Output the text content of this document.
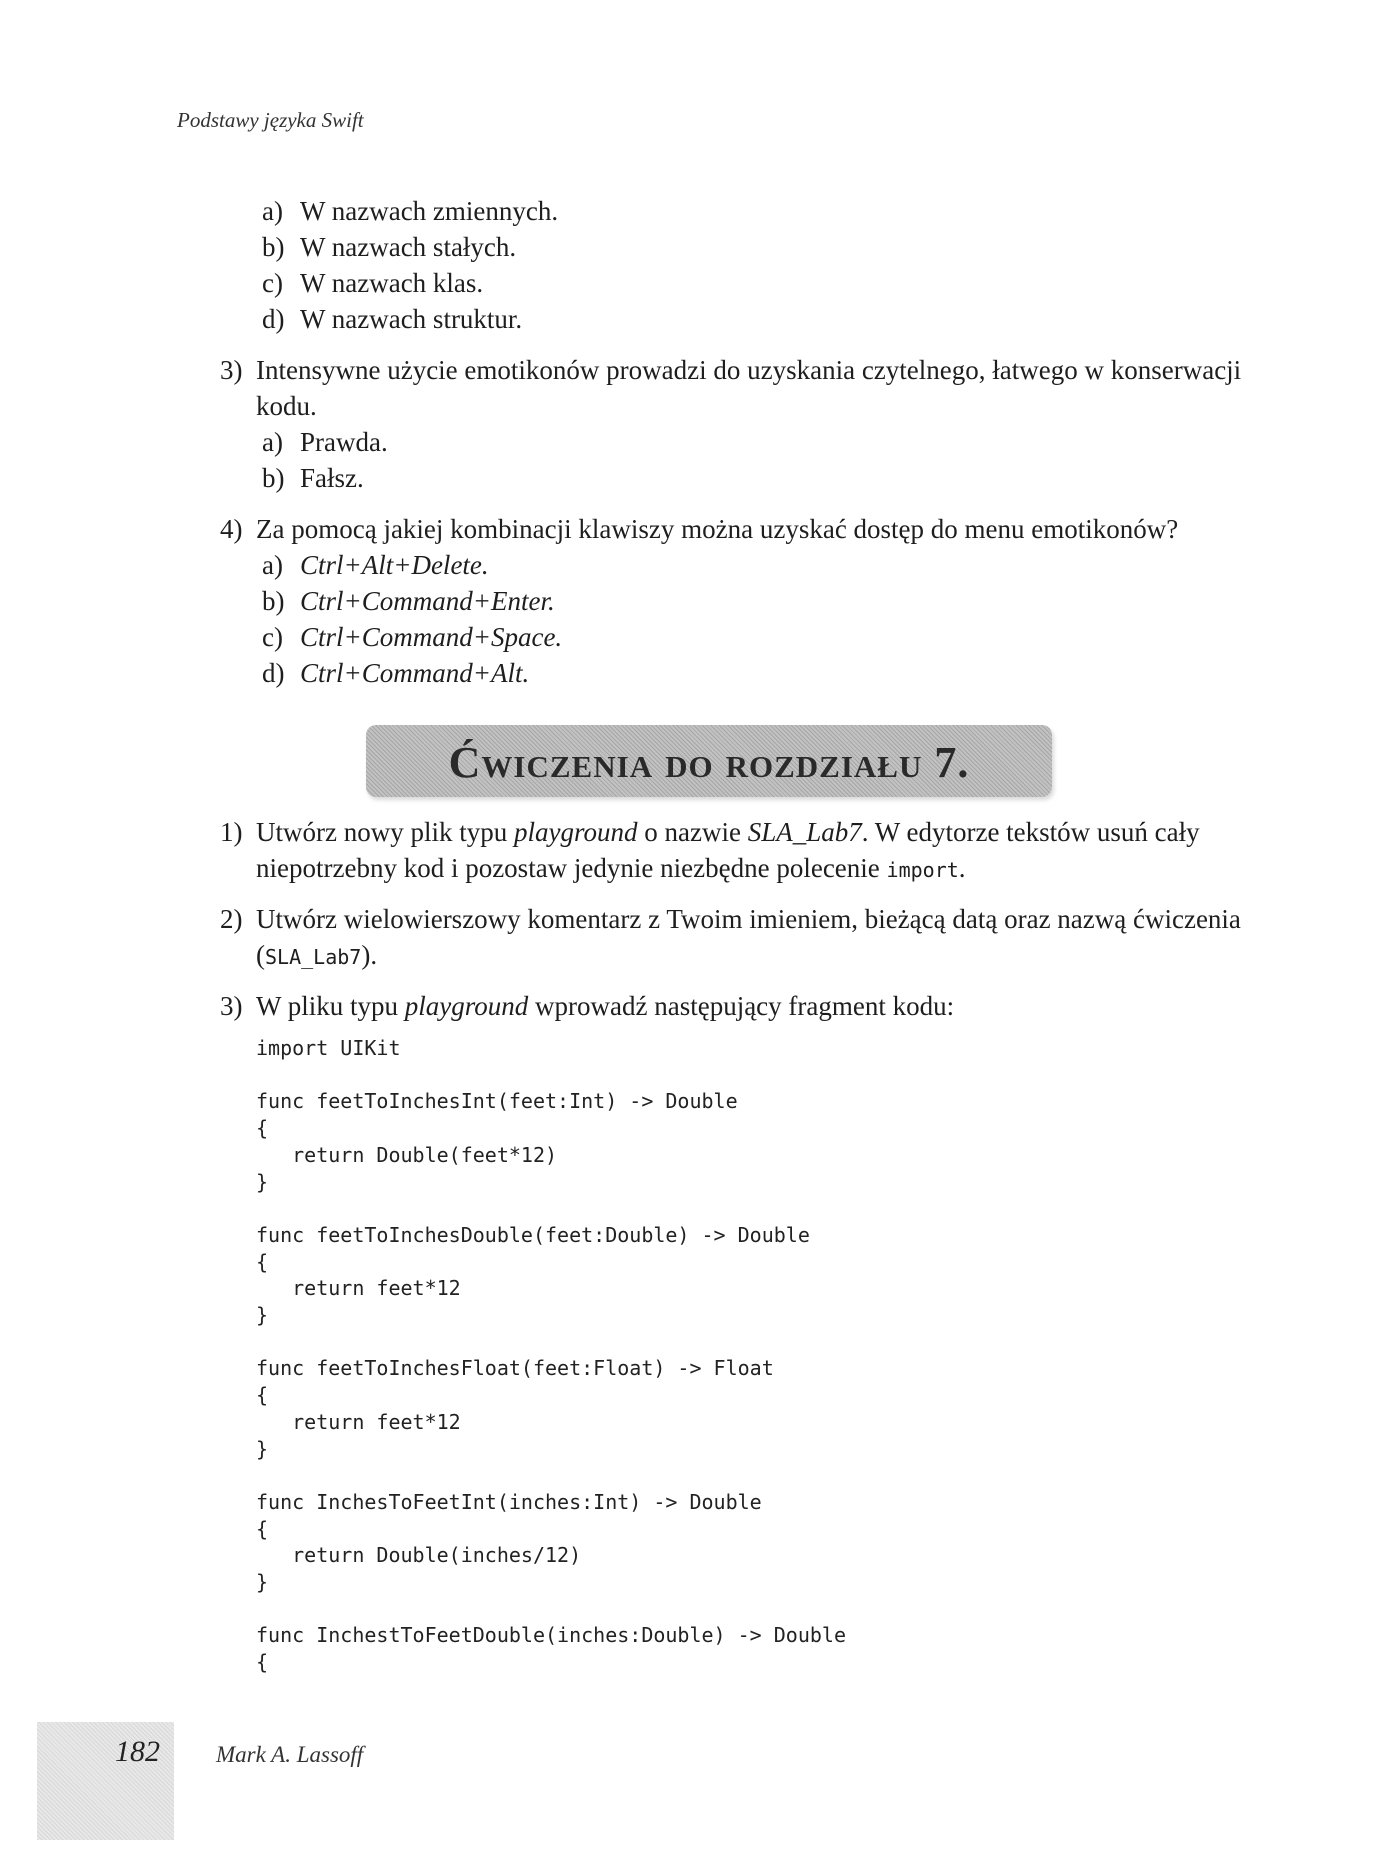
Podstawy języka Swift
a) W nazwach zmiennych.
b) W nazwach stałych.
c) W nazwach klas.
d) W nazwach struktur.
3) Intensywne użycie emotikonów prowadzi do uzyskania czytelnego, łatwego w konserwacji
kodu.
a) Prawda.
b) Fałsz.
4) Za pomocą jakiej kombinacji klawiszy można uzyskać dostęp do menu emotikonów?
a) Ctrl+Alt+Delete.
b) Ctrl+Command+Enter.
c) Ctrl+Command+Space.
d) Ctrl+Command+Alt.
Ćwiczenia do rozdziału 7.
1) Utwórz nowy plik typu playground o nazwie SLA_Lab7. W edytorze tekstów usuń cały
niepotrzebny kod i pozostaw jedynie niezbędne polecenie import.
2) Utwórz wielowierszowy komentarz z Twoim imieniem, bieżącą datą oraz nazwą ćwiczenia
(SLA_Lab7).
3) W pliku typu playground wprowadź następujący fragment kodu:
import UIKit

func feetToInchesInt(feet:Int) -> Double
{
return Double(feet*12)
}

func feetToInchesDouble(feet:Double) -> Double
{
return feet*12
}

func feetToInchesFloat(feet:Float) -> Float
{
return feet*12
}

func InchesToFeetInt(inches:Int) -> Double
{
return Double(inches/12)
}

func InchestToFeetDouble(inches:Double) -> Double
{
182 Mark A. Lassoff
